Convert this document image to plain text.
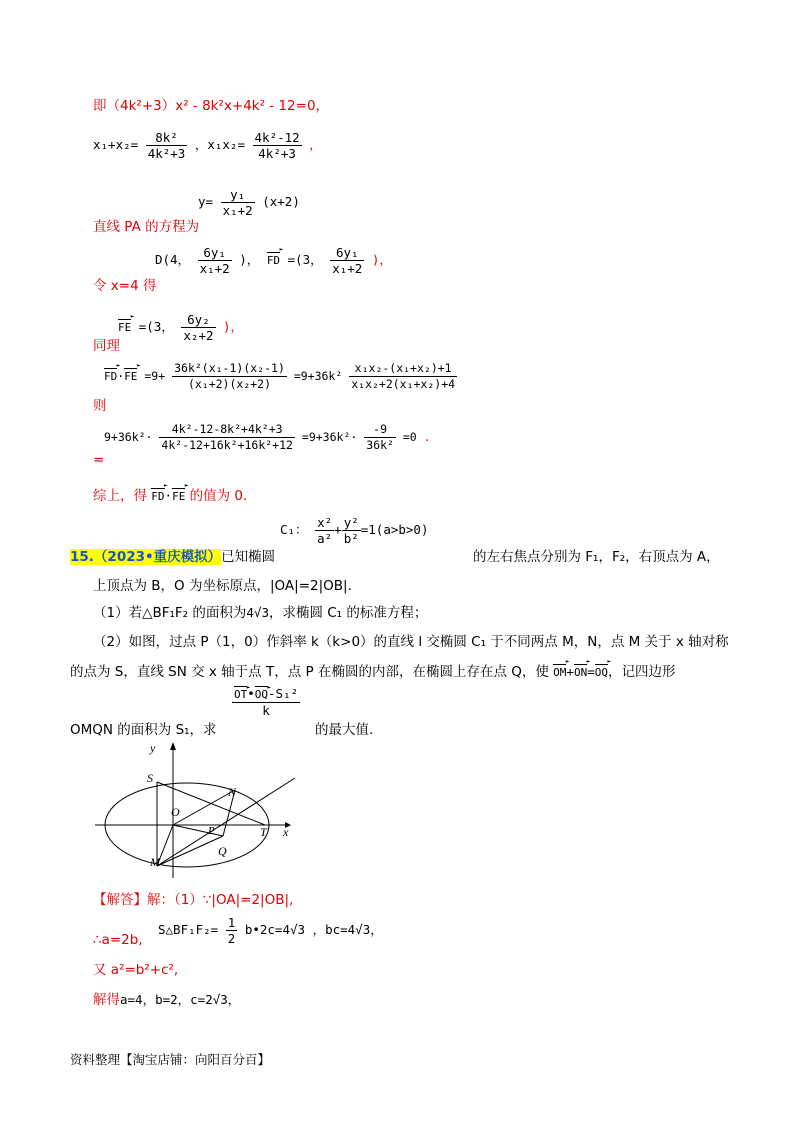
即（4k²+3）x² - 8k²x+4k² - 12=0，
$x_1+x_2= \frac{\text{8k²}}{\text{4k²+3}}$ ，$x_1x_2= \frac{\text{4k²-12}}{\text{4k²+3}}$ ，
直线 PA 的方程为
$y= \frac{\text{y₁}}{\text{x₁+2}} (x+2)$
令 x=4 得
D(4， $\frac{\text{6y₁}}{\text{x₁+2}}$ )， FD ► =(3， $\frac{\text{6y₁}}{\text{x₁+2}}$ )，
FE ► =(3， $\frac{\text{6y₂}}{\text{x₂+2}}$ )，
同理
则
FD ►·FE ► $=9+ \frac{\text{36k²(x₁-1)(x₂-1)}}{\text{(x₁+2)(x₂+2)}} =9+36k^2 \frac{\text{x₁x₂-(x₁+x₂)+1}}{\text{x₁x₂+2(x₁+x₂)+4}}$
=
$9+36k^2\cdot \frac{\text{4k²-12-8k²+4k²+3}}{\text{4k²-12+16k²+16k²+12}} =9+36k^2\cdot \frac{-9}{\text{36k²}} =0$ .
综上，得 FD ►·FE ► 的值为 0.
C₁： $\frac{\text{x²}}{\text{a²}} + \frac{\text{y²}}{\text{b²}} =1(a>b>0)$
15.（2023•重庆模拟）已知椭圆	的左右焦点分别为 F₁，F₂，右顶点为 A，
上顶点为 B，O 为坐标原点，|OA|=2|OB|.
（1）若△BF₁F₂ 的面积为4√3，求椭圆 C₁ 的标准方程；
（2）如图，过点 P（1，0）作斜率 k（k>0）的直线 l 交椭圆 C₁ 于不同两点 M，N，点 M 关于 x 轴对称
的点为 S，直线 SN 交 x 轴于点 T，点 P 在椭圆的内部，在椭圆上存在点 Q，使 OM ►+ON ►=OQ ►，记四边形
OMQN 的面积为 S₁，求
$\frac{\text{OT ►•OQ ►-S₁²}}{k}$
的最大值.
y
x
S
N
O
P	T
M
Q
【解答】解：（1）∵|OA|=2|OB|,
∴a=2b,
S△BF₁F₂= $\frac{1}{2}$ b•2c=4√3 ，bc=4√3，
又 a²=b²+c²,
解得a=4，b=2，c=2√3，
资料整理【淘宝店铺：向阳百分百】
